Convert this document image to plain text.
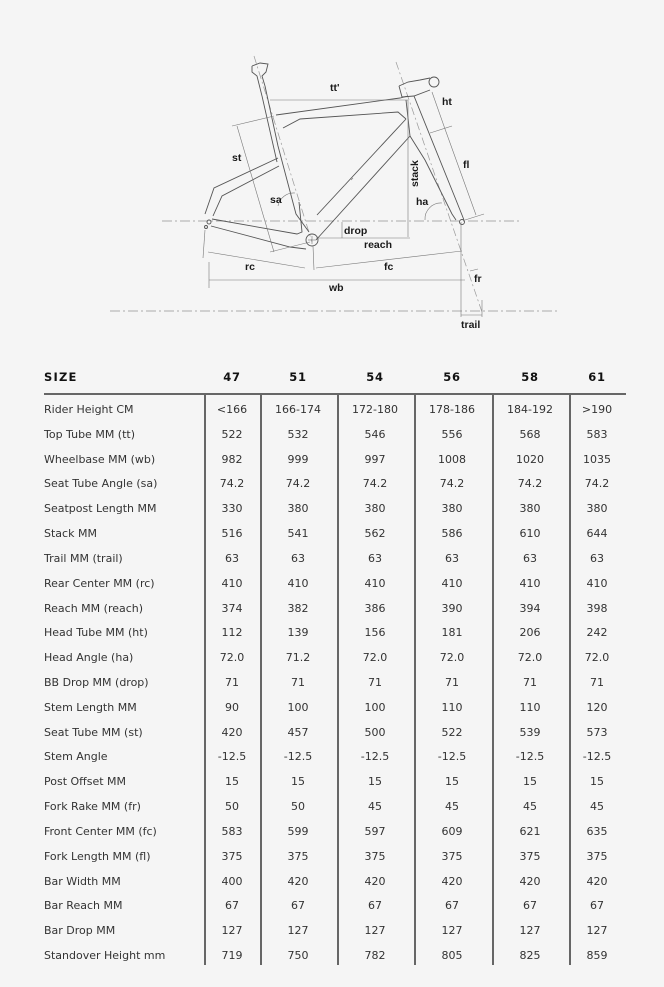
tt'
ht
st
fl
stack
sa	ha
drop
reach
rc	fc
fr
wb
trail
SIZE	47	51	54	56	58	61
Rider Height CM	<166	166-174	172-180	178-186	184-192	>190
Top Tube MM (tt)	522	532	546	556	568	583
Wheelbase MM (wb)	982	999	997	1008	1020	1035
Seat Tube Angle (sa)	74.2	74.2	74.2	74.2	74.2	74.2
Seatpost Length MM	330	380	380	380	380	380
Stack MM	516	541	562	586	610	644
Trail MM (trail)	63	63	63	63	63	63
Rear Center MM (rc)	410	410	410	410	410	410
Reach MM (reach)	374	382	386	390	394	398
Head Tube MM (ht)	112	139	156	181	206	242
Head Angle (ha)	72.0	71.2	72.0	72.0	72.0	72.0
BB Drop MM (drop)	71	71	71	71	71	71
Stem Length MM	90	100	100	110	110	120
Seat Tube MM (st)	420	457	500	522	539	573
Stem Angle	-12.5	-12.5	-12.5	-12.5	-12.5	-12.5
Post Offset MM	15	15	15	15	15	15
Fork Rake MM (fr)	50	50	45	45	45	45
Front Center MM (fc)	583	599	597	609	621	635
Fork Length MM (fl)	375	375	375	375	375	375
Bar Width MM	400	420	420	420	420	420
Bar Reach MM	67	67	67	67	67	67
Bar Drop MM	127	127	127	127	127	127
Standover Height mm	719	750	782	805	825	859
